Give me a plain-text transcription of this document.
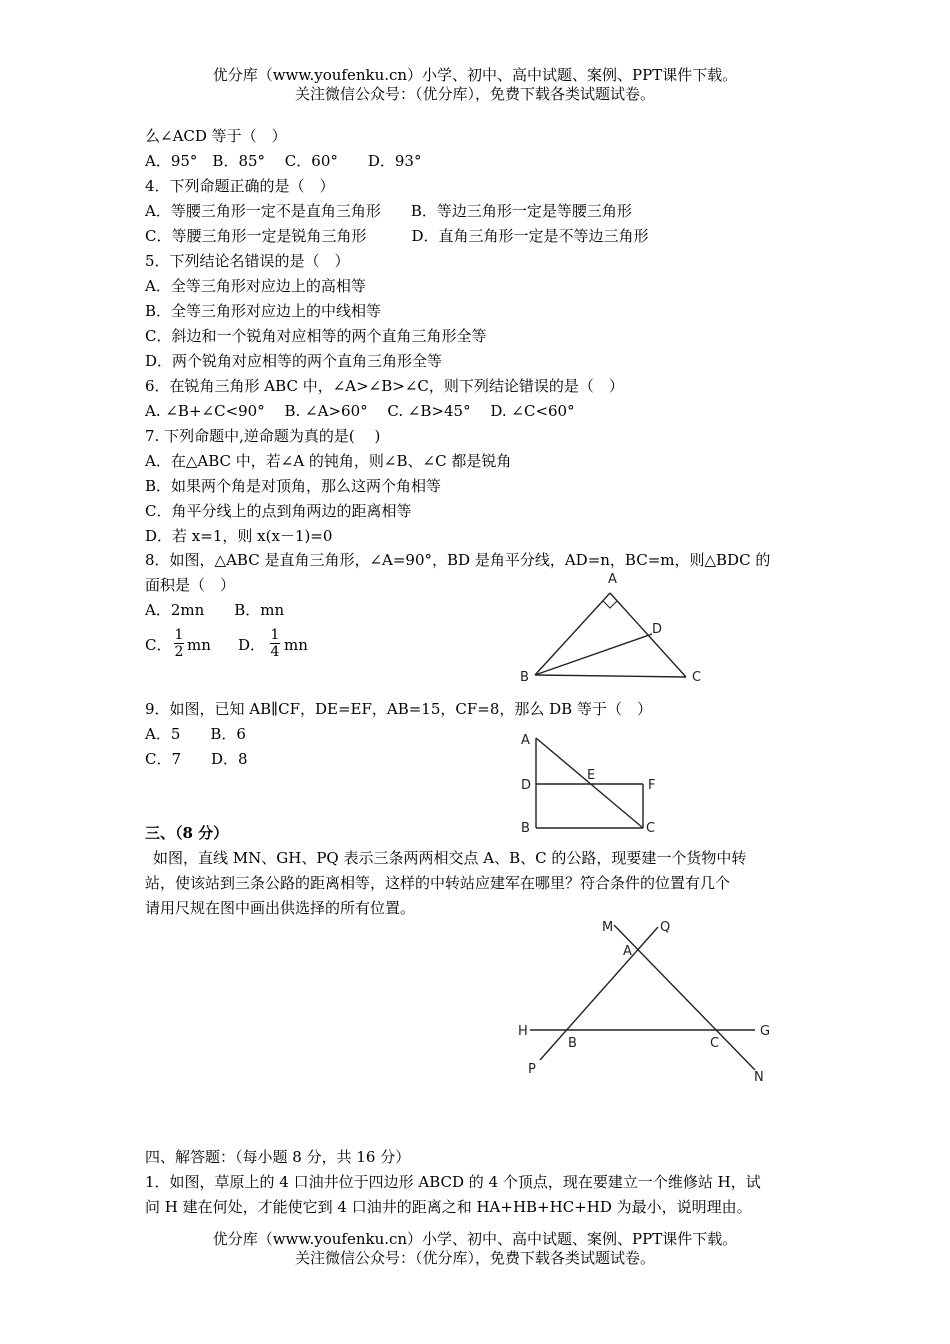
优分库（www.youfenku.cn）小学、初中、高中试题、案例、PPT课件下载。
关注微信公众号：（优分库），免费下载各类试题试卷。
么∠ACD 等于（　）
A．95°　B．85°　 C．60°　　D．93°
4．下列命题正确的是（　）
A．等腰三角形一定不是直角三角形　　B．等边三角形一定是等腰三角形
C．等腰三角形一定是锐角三角形　　　D．直角三角形一定是不等边三角形
5．下列结论名错误的是（　）
A．全等三角形对应边上的高相等
B．全等三角形对应边上的中线相等
C．斜边和一个锐角对应相等的两个直角三角形全等
D．两个锐角对应相等的两个直角三角形全等
6．在锐角三角形 ABC 中，∠A>∠B>∠C，则下列结论错误的是（　）
A. ∠B+∠C<90°　 B. ∠A>60°　 C. ∠B>45°　 D. ∠C<60°
7. 下列命题中,逆命题为真的是(　 )
A．在△ABC 中，若∠A 的钝角，则∠B、∠C 都是锐角
B．如果两个角是对顶角，那么这两个角相等
C．角平分线上的点到角两边的距离相等
D．若 x=1，则 x(x－1)=0
8．如图，△ABC 是直角三角形，∠A=90°，BD 是角平分线，AD=n，BC=m，则△BDC 的
面积是（　）
A．2mn　　B．mn
C．
1
2 mn D．
1
4 mn
A
B	C
D
9．如图，已知 AB∥CF，DE=EF，AB=15，CF=8，那么 DB 等于（　）
A．5　　B．6
C．7　　D．8
A
D
B
E
F
C
三、（8 分）
如图，直线 MN、GH、PQ 表示三条两两相交点 A、B、C 的公路，现要建一个货物中转
站，使该站到三条公路的距离相等，这样的中转站应建军在哪里？符合条件的位置有几个
请用尺规在图中画出供选择的所有位置。
M	Q
A
H
B	C
G
P
N
四、解答题：（每小题 8 分，共 16 分）
1．如图，草原上的 4 口油井位于四边形 ABCD 的 4 个顶点，现在要建立一个维修站 H，试
问 H 建在何处，才能使它到 4 口油井的距离之和 HA+HB+HC+HD 为最小，说明理由。
优分库（www.youfenku.cn）小学、初中、高中试题、案例、PPT课件下载。
关注微信公众号：（优分库），免费下载各类试题试卷。
